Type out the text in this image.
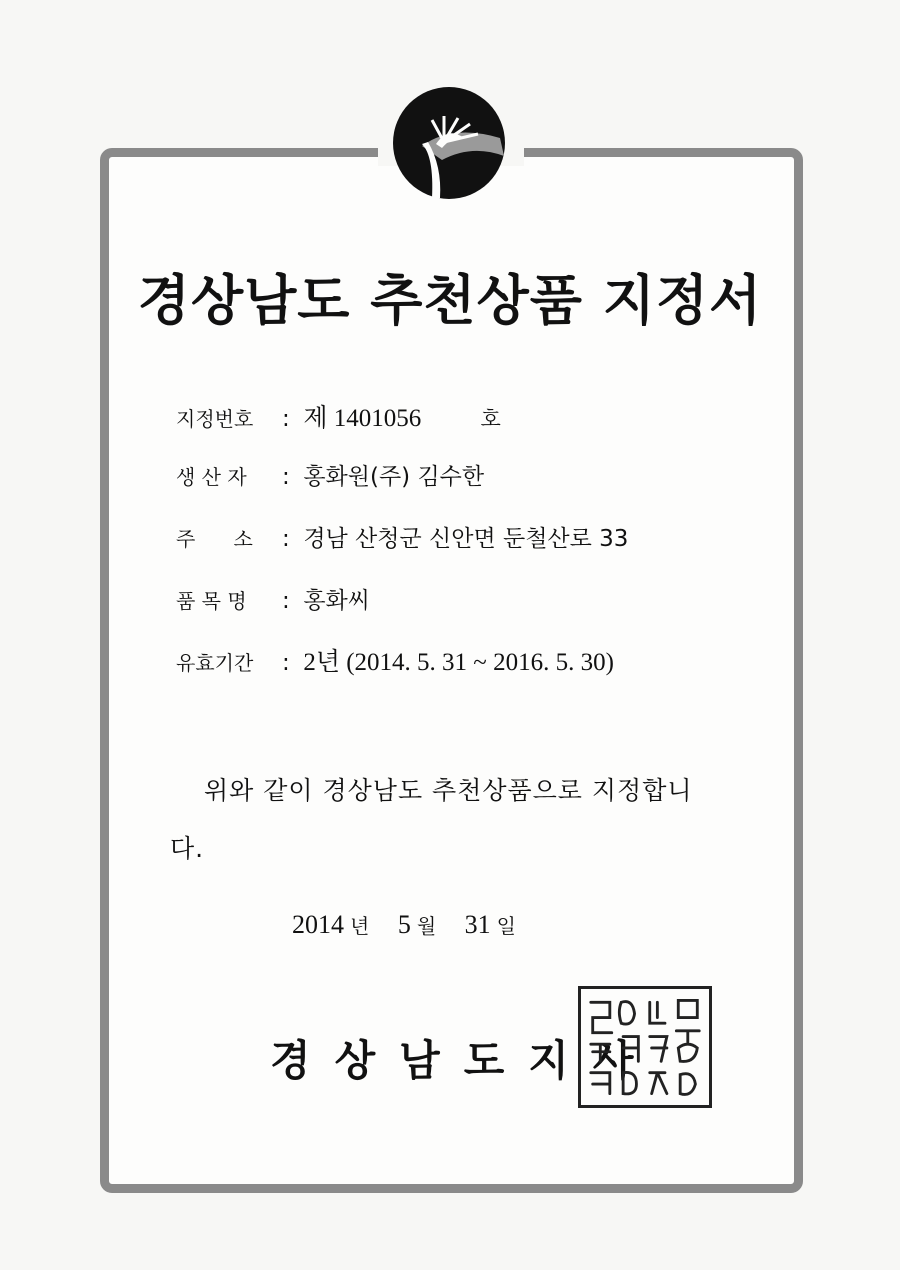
경상남도 추천상품 지정서
지정번호 : 제 1401056	호
생 산 자 : 홍화원(주) 김수한
주      소 : 경남 산청군 신안면 둔철산로 33
품 목 명 : 홍화씨
유효기간 : 2년 (2014. 5. 31 ~ 2016. 5. 30)
위와 같이 경상남도 추천상품으로 지정합니다.
2014 년 5 월 31 일
경상남도지사
